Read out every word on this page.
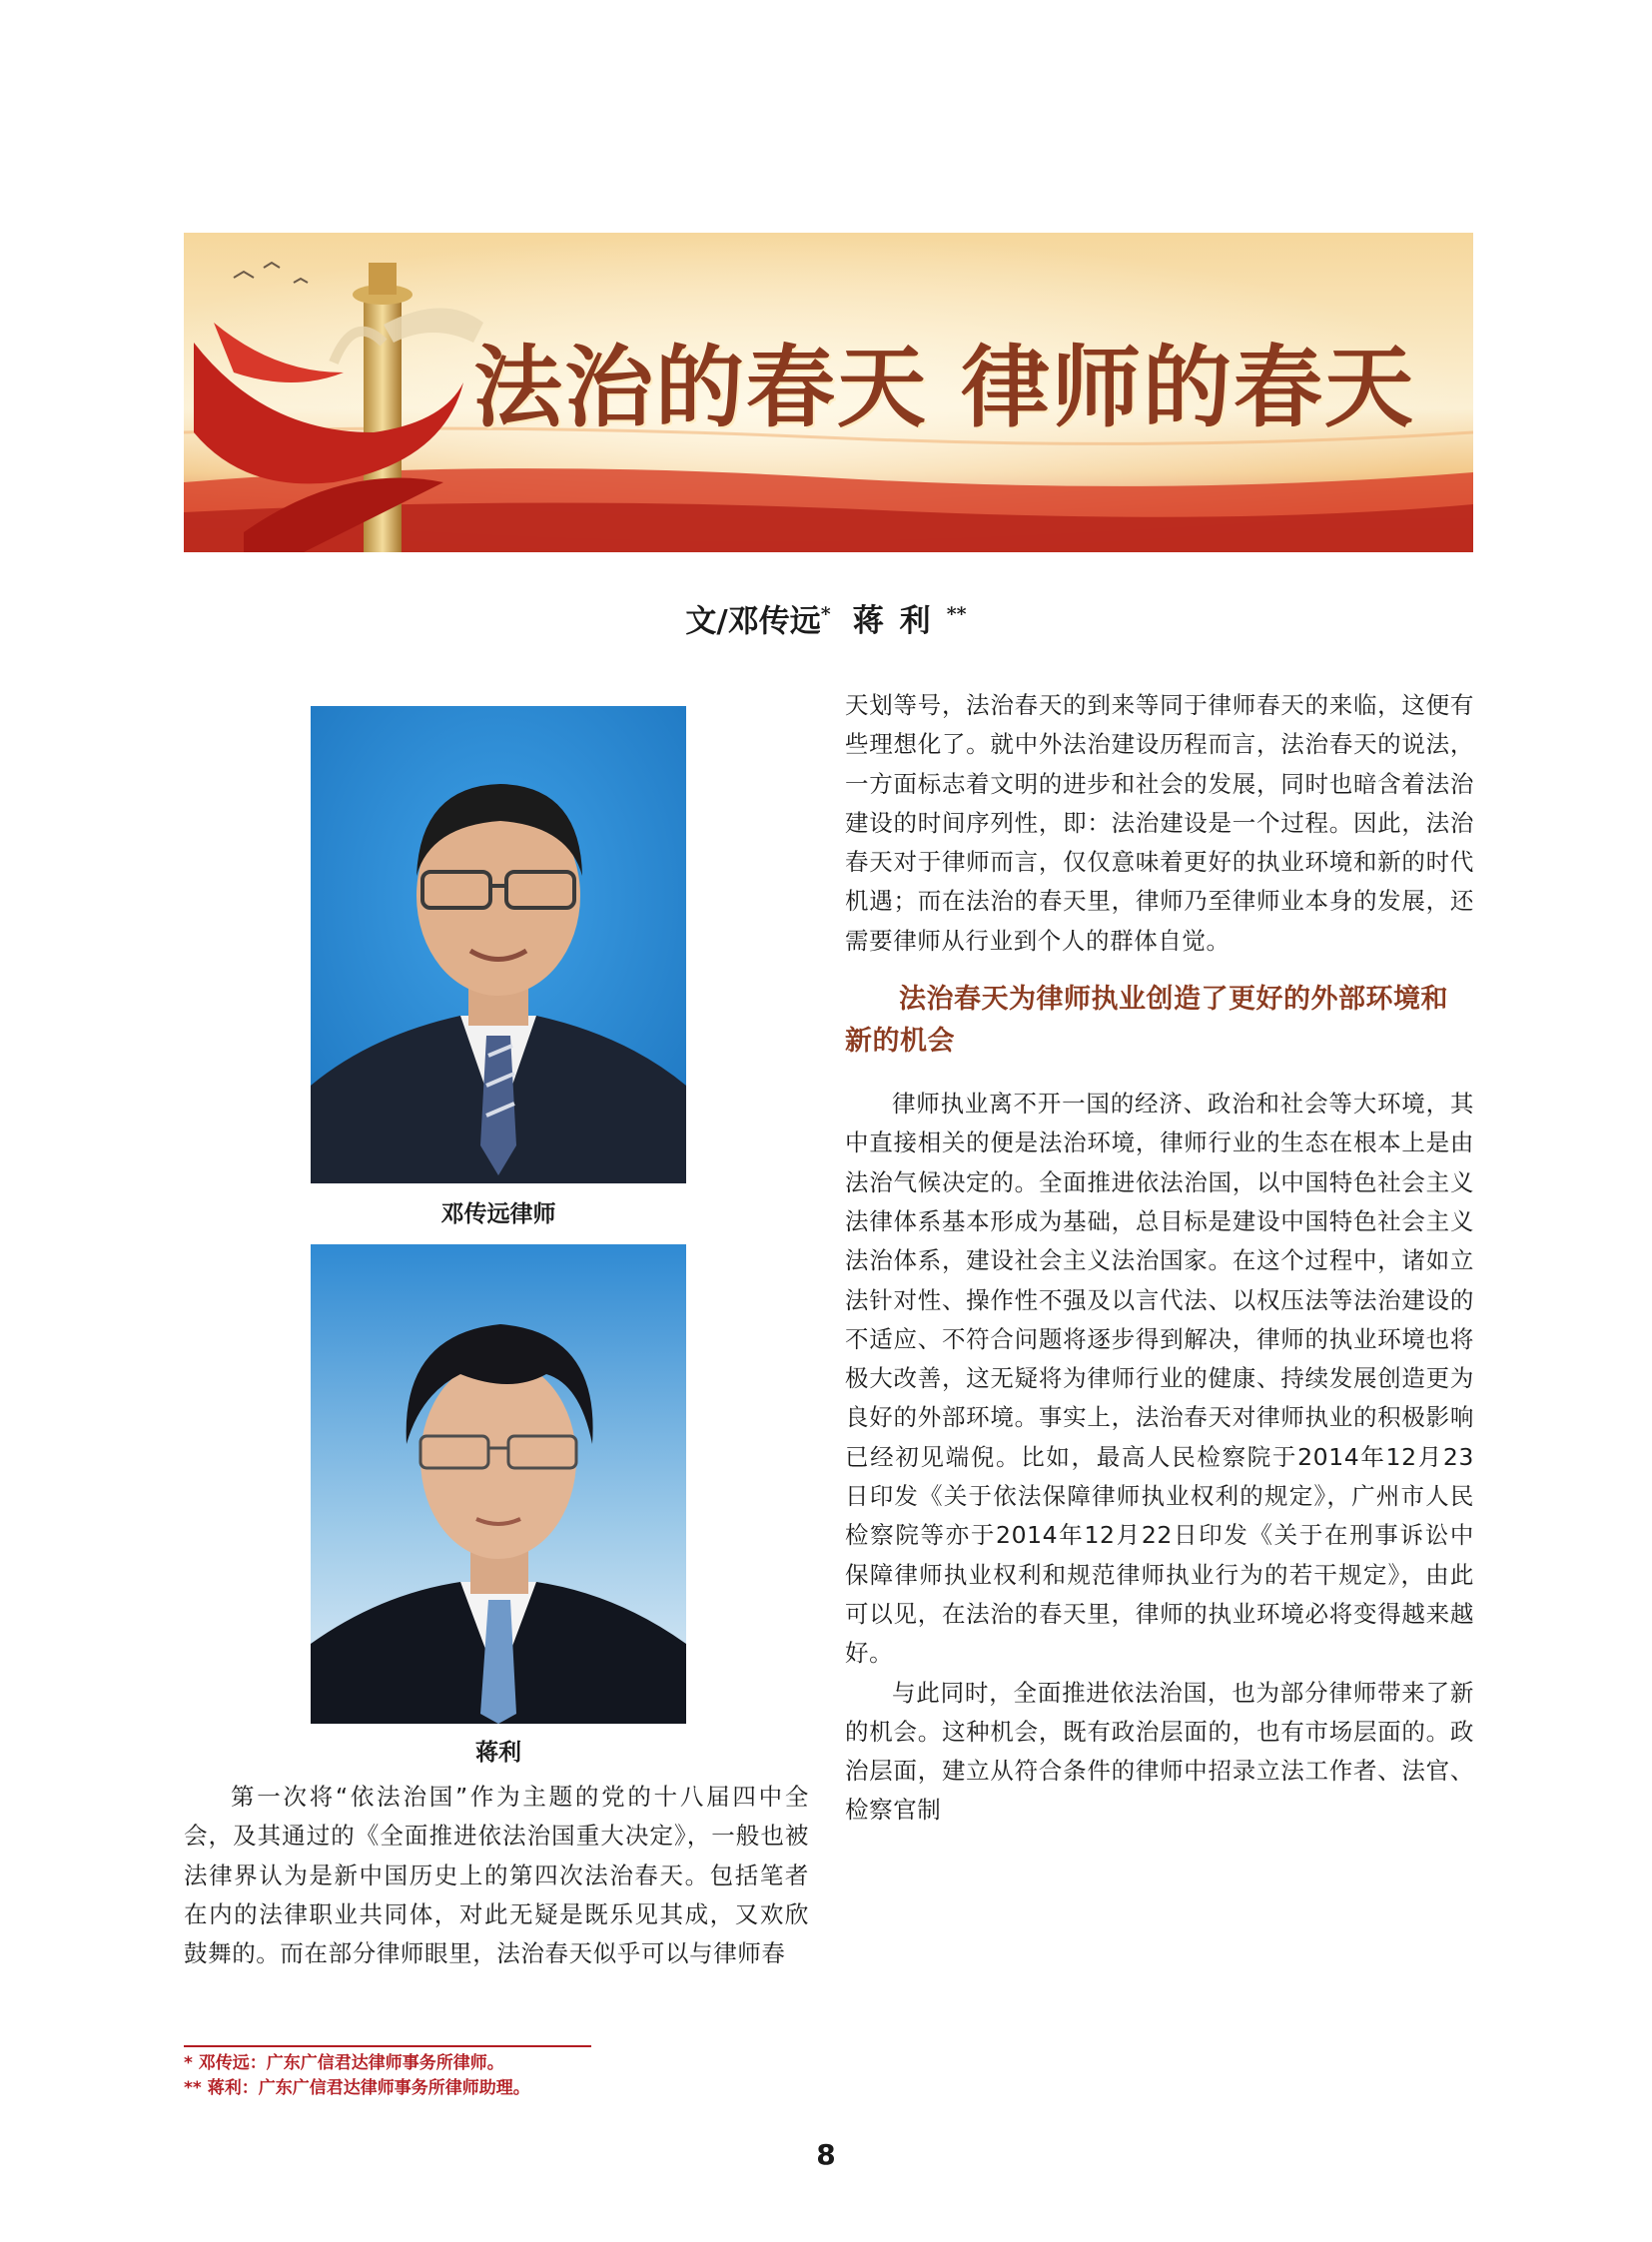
法治的春天 律师的春天
文/邓传远* 蒋利**
邓传远律师
蒋利

第一次将“依法治国”作为主题的党的十八届四中全会，及其通过的《全面推进依法治国重大决定》，一般也被法律界认为是新中国历史上的第四次法治春天。包括笔者在内的法律职业共同体，对此无疑是既乐见其成，又欢欣鼓舞的。而在部分律师眼里，法治春天似乎可以与律师春

天划等号，法治春天的到来等同于律师春天的来临，这便有些理想化了。就中外法治建设历程而言，法治春天的说法，一方面标志着文明的进步和社会的发展，同时也暗含着法治建设的时间序列性，即：法治建设是一个过程。因此，法治春天对于律师而言，仅仅意味着更好的执业环境和新的时代机遇；而在法治的春天里，律师乃至律师业本身的发展，还需要律师从行业到个人的群体自觉。

法治春天为律师执业创造了更好的外部环境和新的机会

律师执业离不开一国的经济、政治和社会等大环境，其中直接相关的便是法治环境，律师行业的生态在根本上是由法治气候决定的。全面推进依法治国，以中国特色社会主义法律体系基本形成为基础，总目标是建设中国特色社会主义法治体系，建设社会主义法治国家。在这个过程中，诸如立法针对性、操作性不强及以言代法、以权压法等法治建设的不适应、不符合问题将逐步得到解决，律师的执业环境也将极大改善，这无疑将为律师行业的健康、持续发展创造更为良好的外部环境。事实上，法治春天对律师执业的积极影响已经初见端倪。比如，最高人民检察院于2014年12月23日印发《关于依法保障律师执业权利的规定》，广州市人民检察院等亦于2014年12月22日印发《关于在刑事诉讼中保障律师执业权利和规范律师执业行为的若干规定》，由此可以见，在法治的春天里，律师的执业环境必将变得越来越好。

与此同时，全面推进依法治国，也为部分律师带来了新的机会。这种机会，既有政治层面的，也有市场层面的。政治层面，建立从符合条件的律师中招录立法工作者、法官、检察官制

* 邓传远：广东广信君达律师事务所律师。
** 蒋利：广东广信君达律师事务所律师助理。
8
